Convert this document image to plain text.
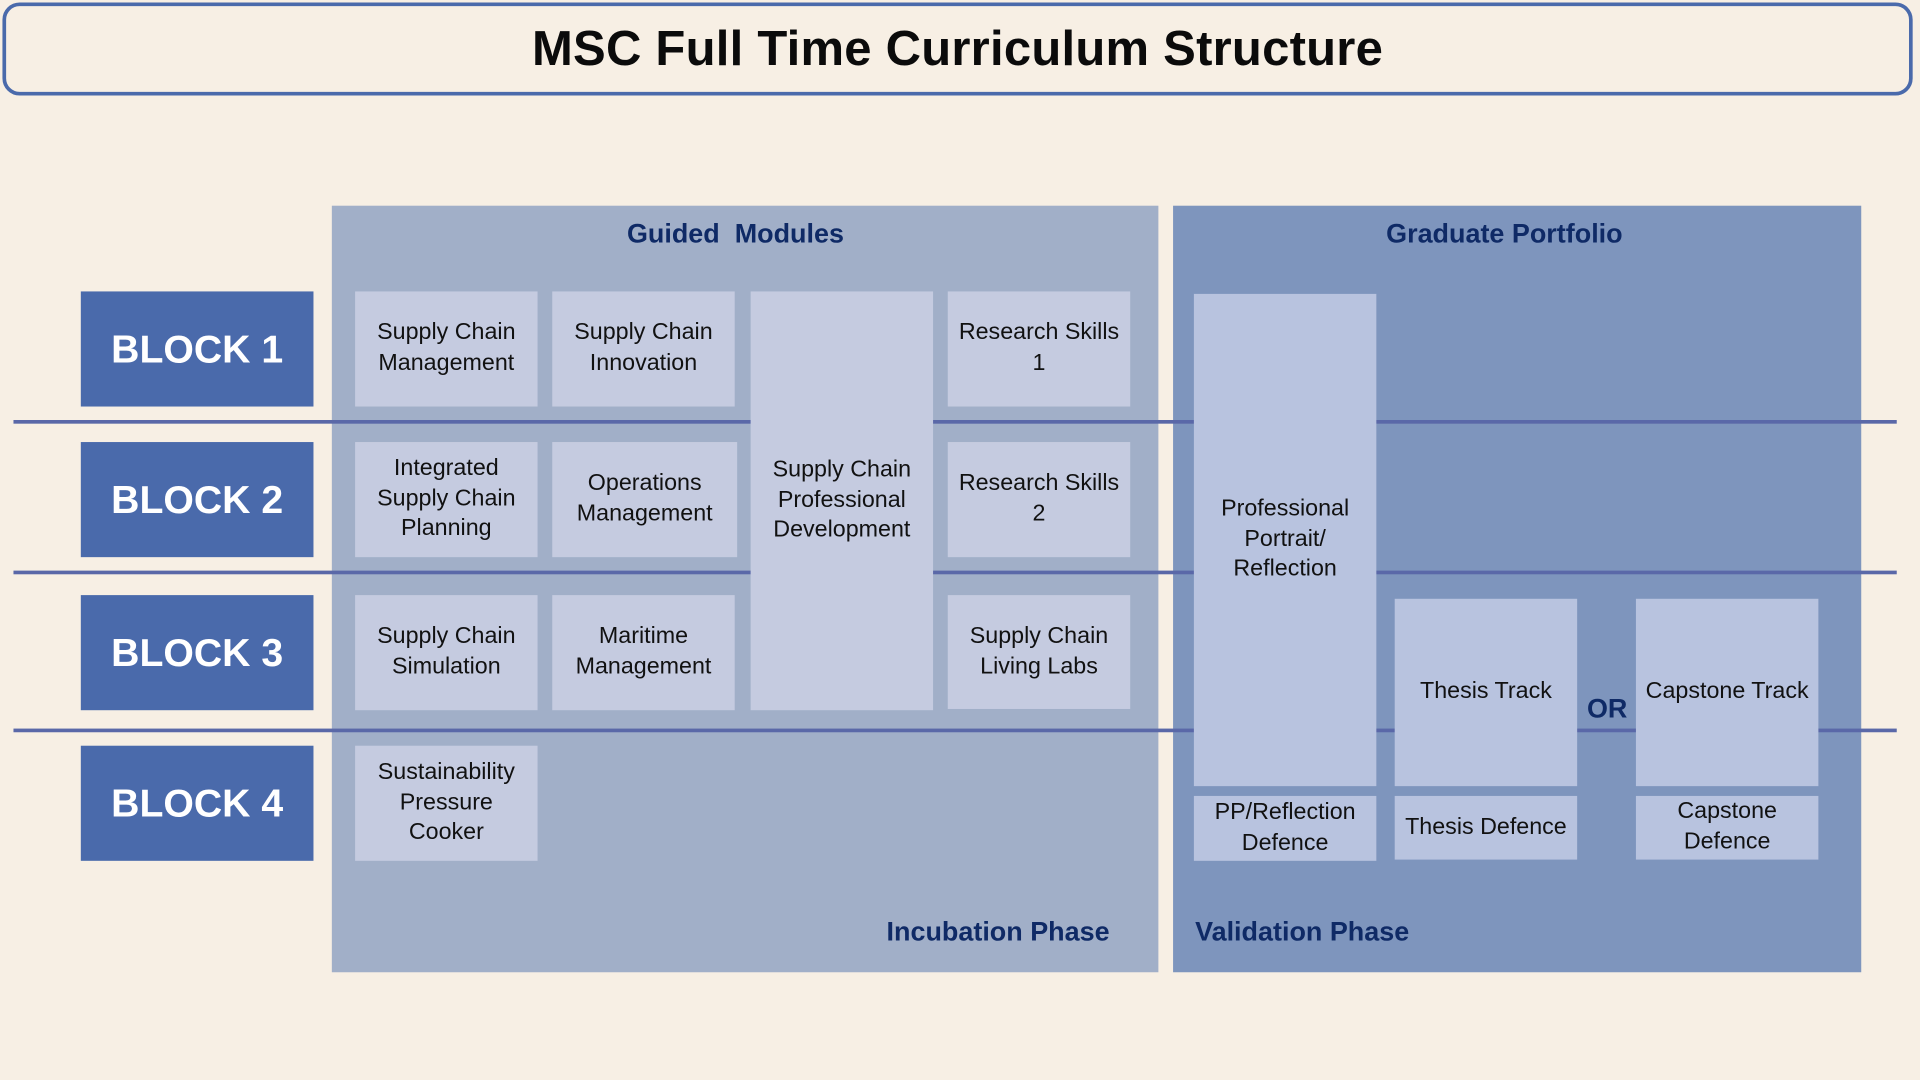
MSC Full Time Curriculum Structure
Guided  Modules	Graduate Portfolio
BLOCK 1
BLOCK 2
BLOCK 3
BLOCK 4
Supply Chain Management
Supply Chain Innovation
Supply Chain Professional Development
Research Skills 1
Integrated Supply Chain Planning
Operations Management
Research Skills 2
Supply Chain Simulation
Maritime Management
Supply Chain Living Labs
Sustainability Pressure Cooker
Professional Portrait/ Reflection
PP/Reflection Defence
Thesis Track
Thesis Defence
OR
Capstone Track
Capstone Defence
Incubation Phase	Validation Phase
